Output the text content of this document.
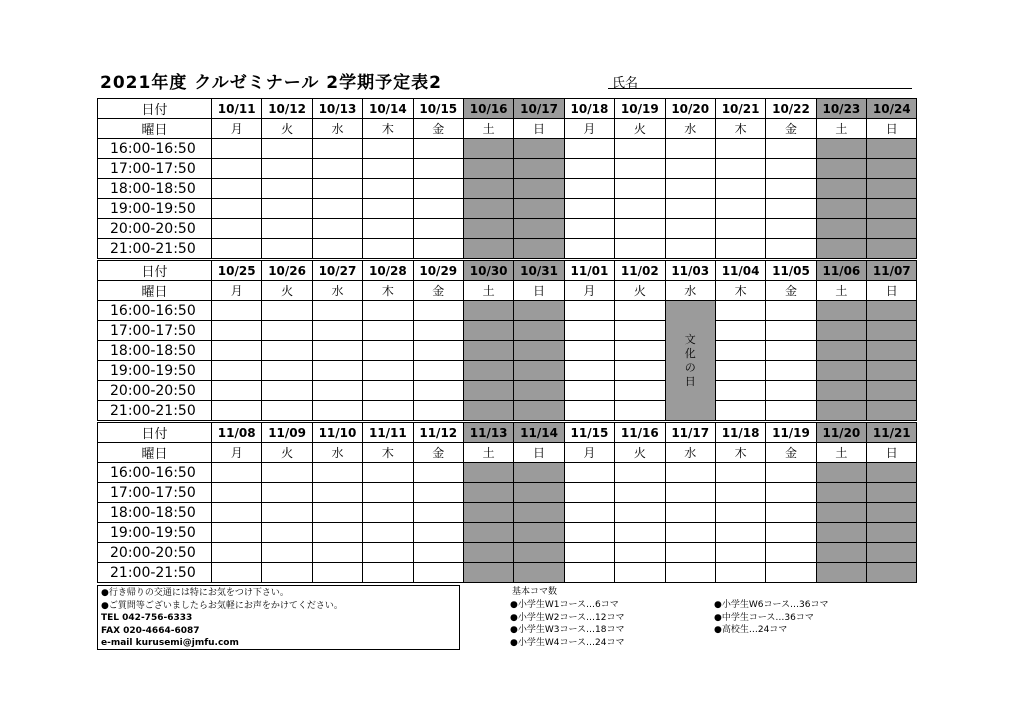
2021年度 クルゼミナール 2学期予定表2	氏名
日付	10/11	10/12	10/13	10/14	10/15	10/16	10/17	10/18	10/19	10/20	10/21	10/22	10/23	10/24
曜日	月	火	水	木	金	土	日	月	火	水	木	金	土	日
16:00-16:50														
17:00-17:50														
18:00-18:50														
19:00-19:50														
20:00-20:50														
21:00-21:50														
日付	10/25	10/26	10/27	10/28	10/29	10/30	10/31	11/01	11/02	11/03	11/04	11/05	11/06	11/07
曜日	月	火	水	木	金	土	日	月	火	水	木	金	土	日
16:00-16:50										文化の日				
17:00-17:50														
18:00-18:50														
19:00-19:50														
20:00-20:50														
21:00-21:50														
日付	11/08	11/09	11/10	11/11	11/12	11/13	11/14	11/15	11/16	11/17	11/18	11/19	11/20	11/21
曜日	月	火	水	木	金	土	日	月	火	水	木	金	土	日
16:00-16:50														
17:00-17:50														
18:00-18:50														
19:00-19:50														
20:00-20:50														
21:00-21:50														
●行き帰りの交通には特にお気をつけ下さい。
●ご質問等ございましたらお気軽にお声をかけてください。
TEL 042-756-6333
FAX 020-4664-6087
e-mail kurusemi@jmfu.com
基本コマ数
●小学生W1コース…6コマ
●小学生W2コース…12コマ
●小学生W3コース…18コマ
●小学生W4コース…24コマ
●小学生W6コース…36コマ
●中学生コース…36コマ
●高校生…24コマ
